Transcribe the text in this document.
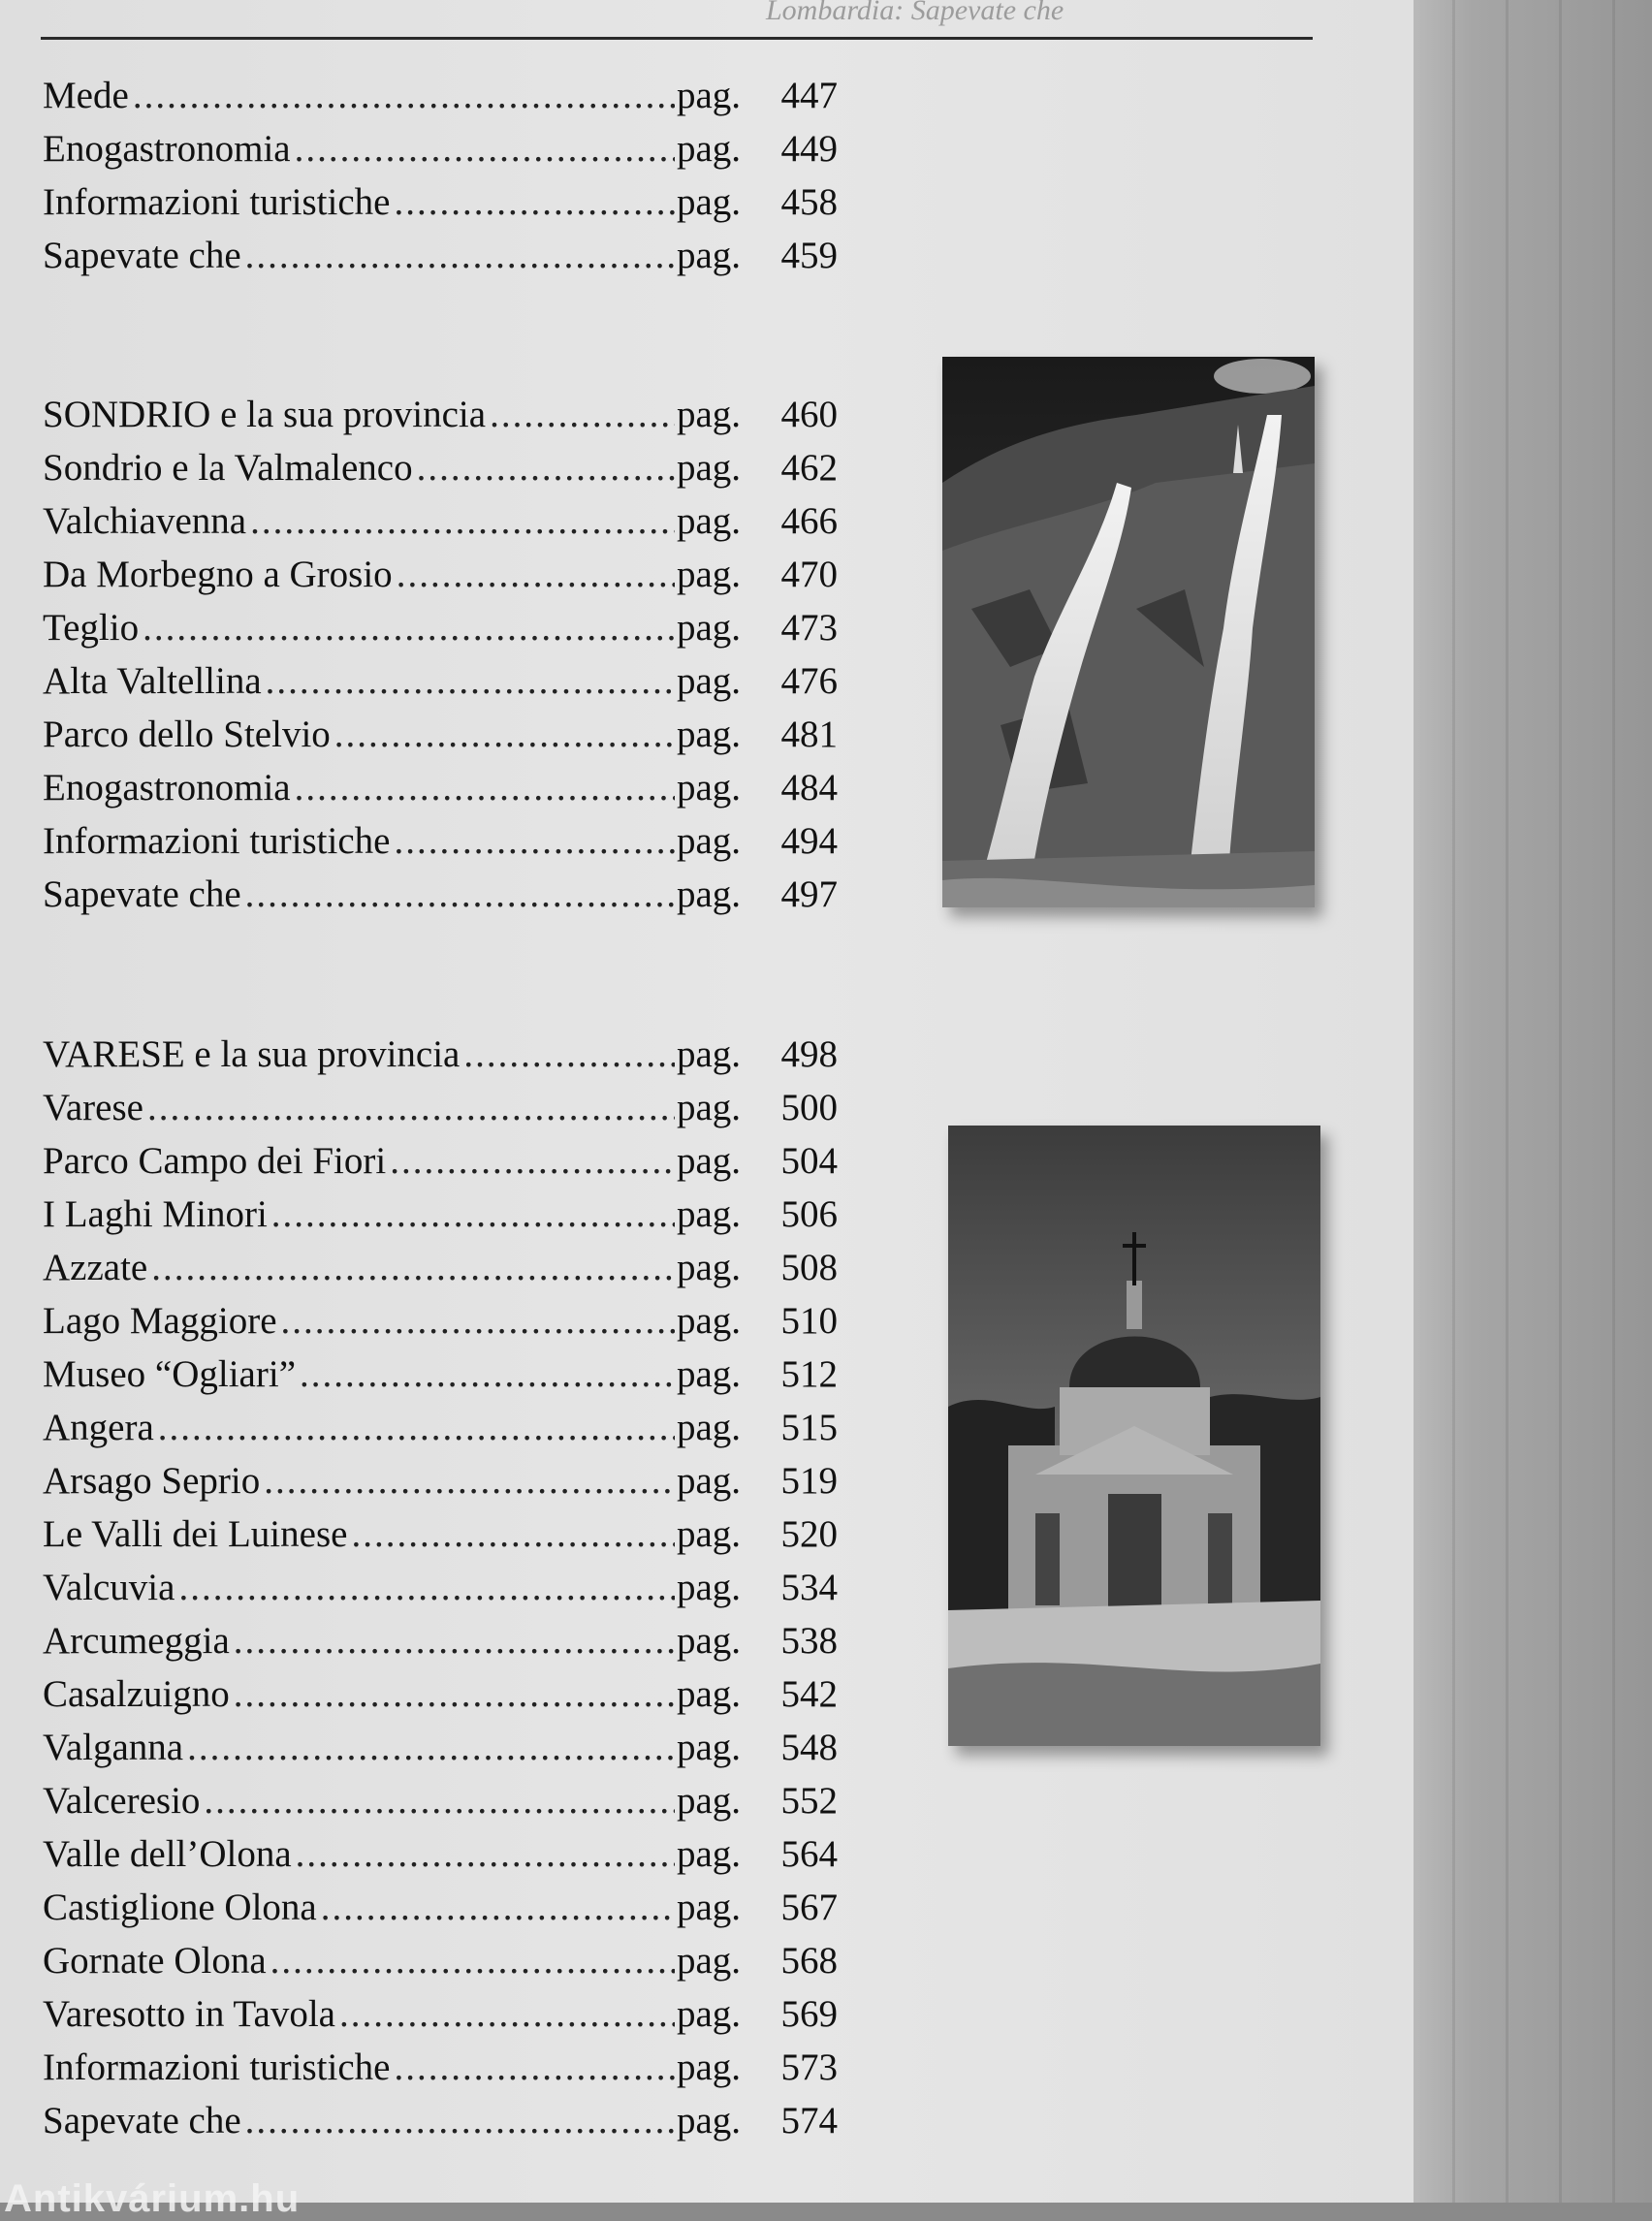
Lombardia: Sapevate che
Mede .....	pag.	447
Enogastronomia .....	pag.	449
Informazioni turistiche .....	pag.	458
Sapevate che .....	pag.	459
SONDRIO e la sua provincia .....	pag.	460
Sondrio e la Valmalenco .....	pag.	462
Valchiavenna .....	pag.	466
Da Morbegno a Grosio .....	pag.	470
Teglio .....	pag.	473
Alta Valtellina .....	pag.	476
Parco dello Stelvio .....	pag.	481
Enogastronomia .....	pag.	484
Informazioni turistiche .....	pag.	494
Sapevate che .....	pag.	497
VARESE e la sua provincia .....	pag.	498
Varese .....	pag.	500
Parco Campo dei Fiori .....	pag.	504
I Laghi Minori .....	pag.	506
Azzate .....	pag.	508
Lago Maggiore .....	pag.	510
Museo “Ogliari” .....	pag.	512
Angera .....	pag.	515
Arsago Seprio .....	pag.	519
Le Valli dei Luinese .....	pag.	520
Valcuvia .....	pag.	534
Arcumeggia .....	pag.	538
Casalzuigno .....	pag.	542
Valganna .....	pag.	548
Valceresio .....	pag.	552
Valle dell’Olona .....	pag.	564
Castiglione Olona .....	pag.	567
Gornate Olona .....	pag.	568
Varesotto in Tavola .....	pag.	569
Informazioni turistiche .....	pag.	573
Sapevate che .....	pag.	574
Antikvárium.hu
